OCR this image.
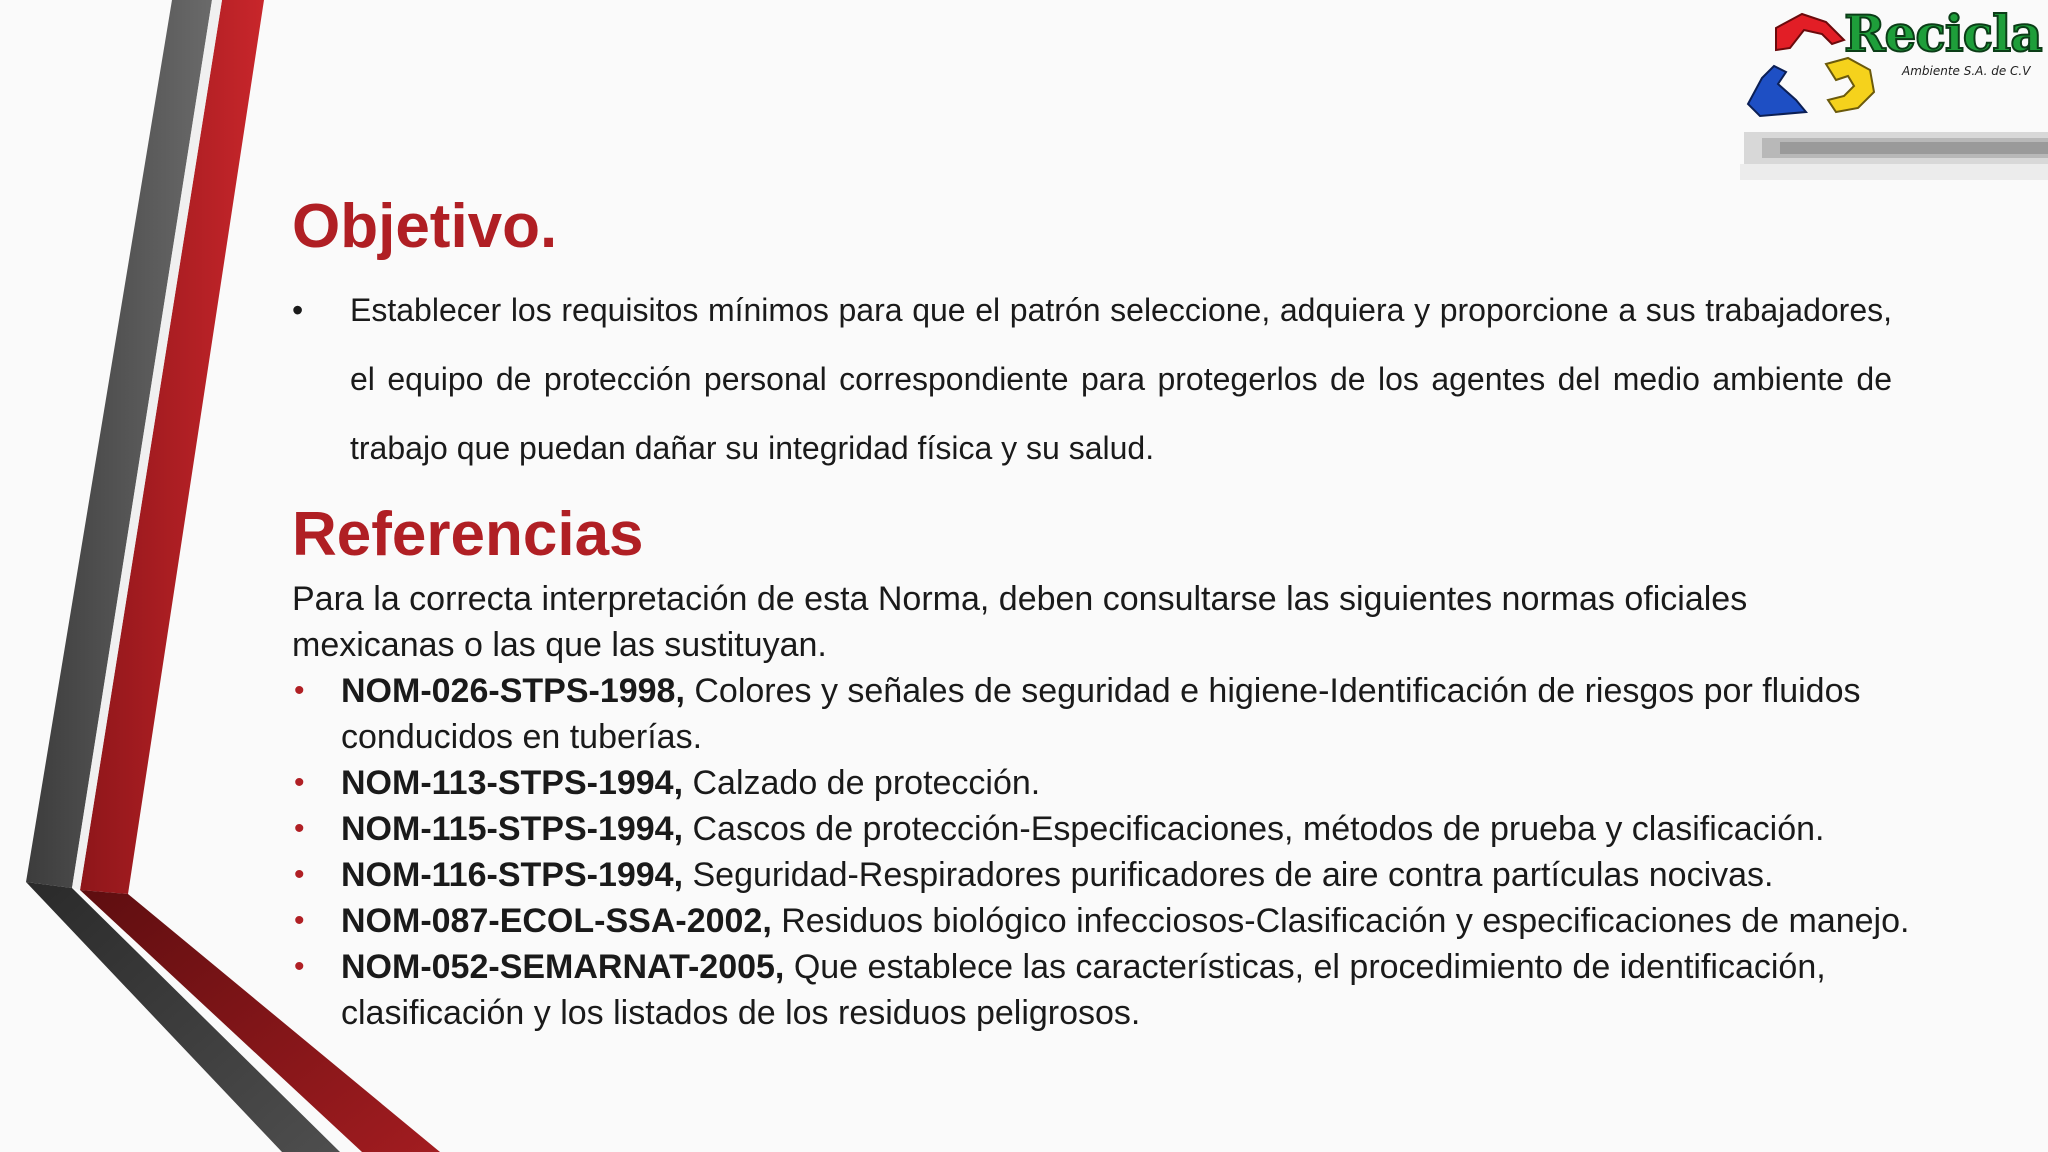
Recicla
Ambiente S.A. de C.V
Objetivo.
• Establecer los requisitos mínimos para que el patrón seleccione, adquiera y proporcione a sus trabajadores, el equipo de protección personal correspondiente para protegerlos de los agentes del medio ambiente de trabajo que puedan dañar su integridad física y su salud.
Referencias
Para la correcta interpretación de esta Norma, deben consultarse las siguientes normas oficiales mexicanas o las que las sustituyan.
• NOM-026-STPS-1998, Colores y señales de seguridad e higiene-Identificación de riesgos por fluidos conducidos en tuberías.
• NOM-113-STPS-1994, Calzado de protección.
• NOM-115-STPS-1994, Cascos de protección-Especificaciones, métodos de prueba y clasificación.
• NOM-116-STPS-1994, Seguridad-Respiradores purificadores de aire contra partículas nocivas.
• NOM-087-ECOL-SSA-2002, Residuos biológico infecciosos-Clasificación y especificaciones de manejo.
• NOM-052-SEMARNAT-2005, Que establece las características, el procedimiento de identificación, clasificación y los listados de los residuos peligrosos.
